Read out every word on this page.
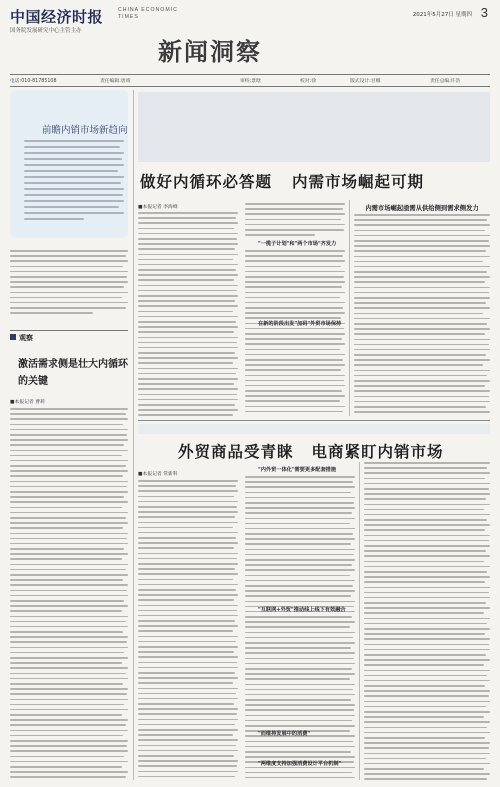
中国经济时报	CHINA ECONOMIC TIMES
国务院发展研究中心主管主办
2021年5月27日 星期四 3
新闻洞察
电话:010-81785108	责任编辑:唐靖	审校:景晗	校对:徐	版式设计:甘娜	责任总编:许浩
前瞻内销市场新趋向
观察
激活需求侧是壮大内循环的关键
■本报记者 曹莉
做好内循环必答题 内需市场崛起可期
■本报记者 李海峰
"一揽子计划"和"两个市场"齐发力
内需市场崛起亟需从供给侧到需求侧发力
外贸商品受青睐 电商紧盯内销市场
■本报记者 常新科
"内外贸一体化"需要更多配套措施
"互联网+外贸"推动线上线下有效融合
"而维持发展中的消费"
"两维度支持加强消费设计平台机制"
在新的阶段出发"加码"外贸市场保持
